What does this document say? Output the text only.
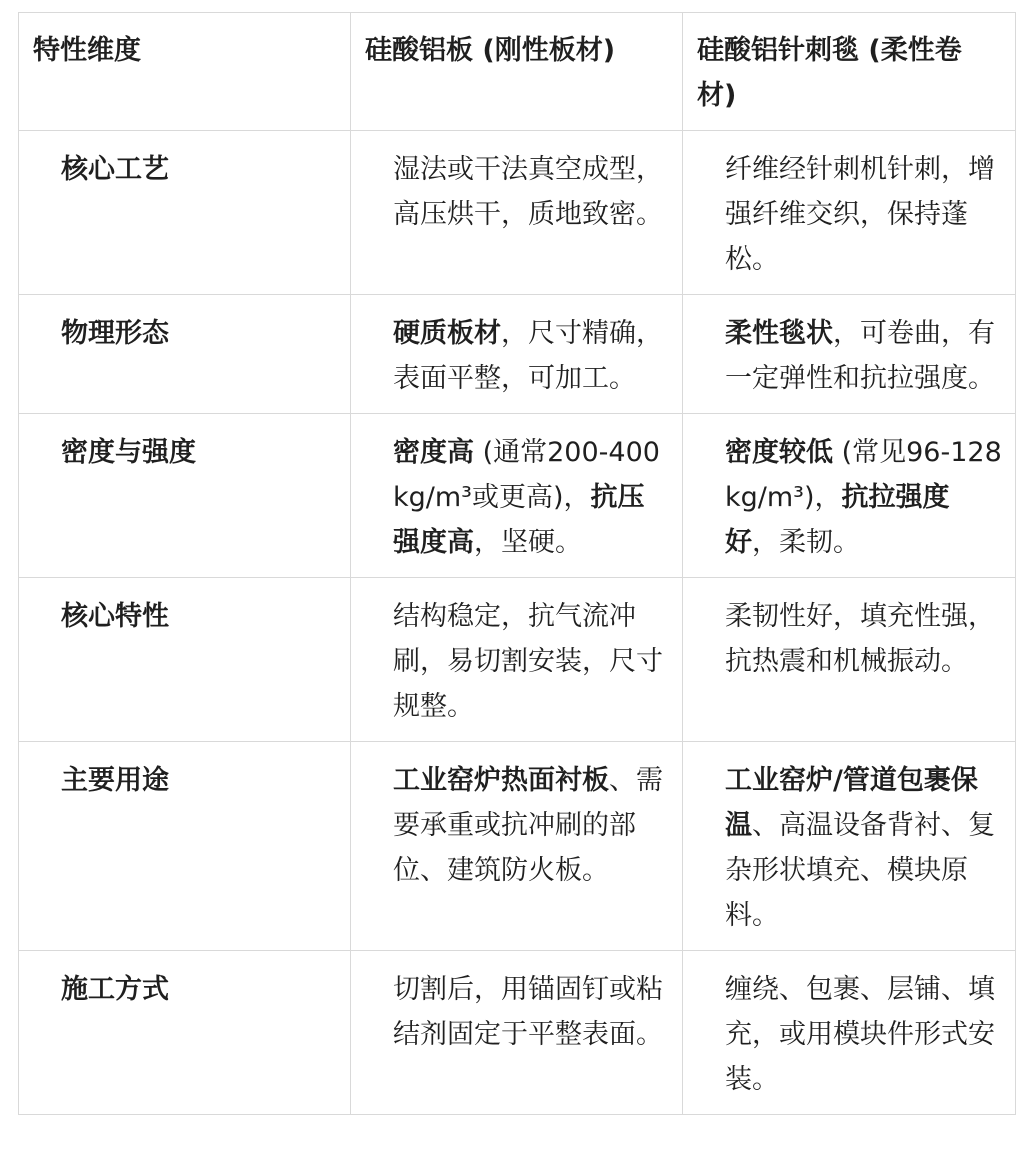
特性维度	硅酸铝板 (刚性板材)	硅酸铝针刺毯 (柔性卷材)
核心工艺	湿法或干法真空成型，高压烘干，质地致密。	纤维经针刺机针刺，增强纤维交织，保持蓬松。
物理形态	硬质板材，尺寸精确，表面平整，可加工。	柔性毯状，可卷曲，有一定弹性和抗拉强度。
密度与强度	密度高 (通常200-400 kg/m³或更高)，抗压强度高，坚硬。	密度较低 (常见96-128 kg/m³)，抗拉强度好，柔韧。
核心特性	结构稳定，抗气流冲刷，易切割安装，尺寸规整。	柔韧性好，填充性强，抗热震和机械振动。
主要用途	工业窑炉热面衬板、需要承重或抗冲刷的部位、建筑防火板。	工业窑炉/管道包裹保温、高温设备背衬、复杂形状填充、模块原料。
施工方式	切割后，用锚固钉或粘结剂固定于平整表面。	缠绕、包裹、层铺、填充，或用模块件形式安装。
